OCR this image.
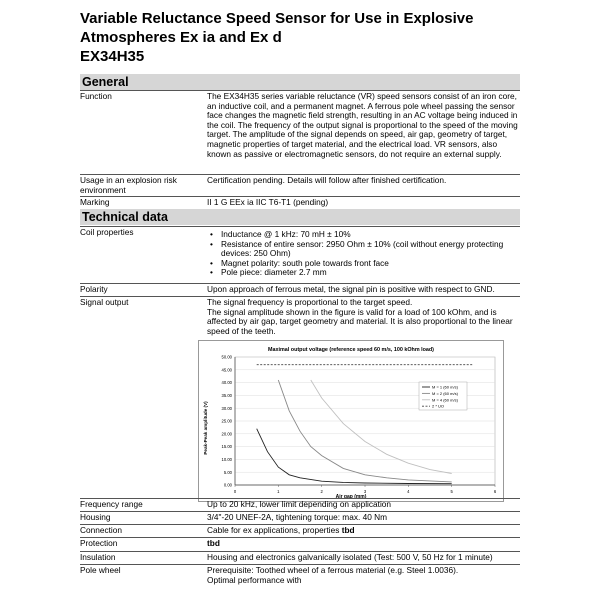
Variable Reluctance Speed Sensor for Use in Explosive
Atmospheres Ex ia and Ex d
EX34H35
General
Function	The EX34H35 series variable reluctance (VR) speed sensors consist of an iron core, an inductive coil, and a permanent magnet. A ferrous pole wheel passing the sensor face changes the magnetic field strength, resulting in an AC voltage being induced in the coil. The frequency of the output signal is proportional to the speed of the moving target. The amplitude of the signal depends on speed, air gap, geometry of target, magnetic properties of target material, and the electrical load. VR sensors, also known as passive or electromagnetic sensors, do not require an external supply.
Usage in an explosion risk environment
Certification pending. Details will follow after finished certification.
Marking	II 1 G EEx ia IIC T6-T1 (pending)
Technical data
Coil properties
•	Inductance @ 1 kHz: 70 mH ± 10%
• Resistance of entire sensor: 2950 Ohm ± 10% (coil without energy protecting devices: 250 Ohm)
• Magnet polarity: south pole towards front face
• Pole piece: diameter 2.7 mm
Polarity	Upon approach of ferrous metal, the signal pin is positive with respect to GND.
Signal output	The signal frequency is proportional to the target speed.

The signal amplitude shown in the figure is valid for a load of 100 kOhm, and is affected by air gap, target geometry and material. It is also proportional to the linear speed of the teeth.

Maximal output voltage (reference speed 60 m/s, 100 kOhm load)
Air gap (mm)
Peak-Peak amplitude (V)
0.00
5.00
10.00
15.00
20.00
25.00
30.00
35.00
40.00
45.00
50.00
0	1	2	3	4	5	6
M = 1 (60 m/s)
M = 2 (60 m/s)
M = 4 (60 m/s)
2 * UO
Frequency range	Up to 20 kHz, lower limit depending on application
Housing	3/4"-20 UNEF-2A, tightening torque: max. 40 Nm
Connection	Cable for ex applications, properties tbd
Protection	tbd
Insulation	Housing and electronics galvanically isolated (Test: 500 V, 50 Hz for 1 minute)
Pole wheel	Prerequisite: Toothed wheel of a ferrous material (e.g. Steel 1.0036).

Optimal performance with
